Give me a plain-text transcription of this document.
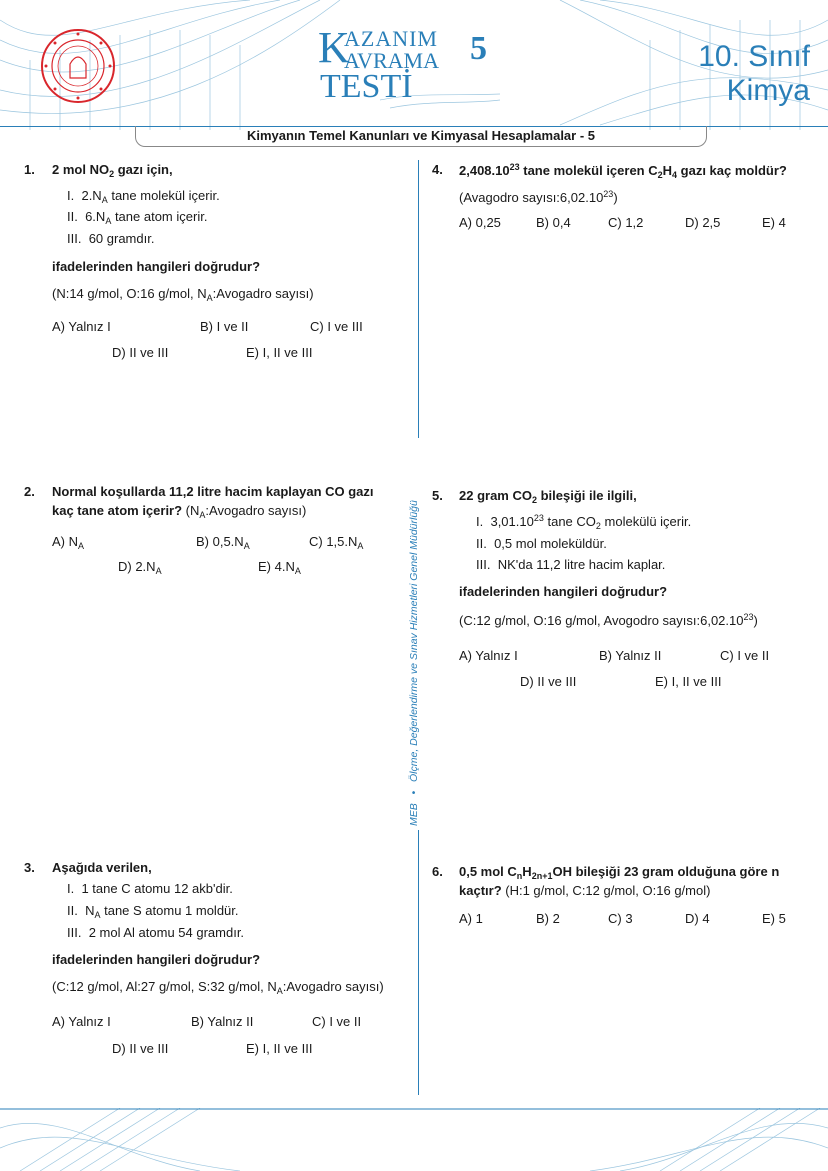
K
AZANIM
AVRAMA
TESTİ
5	10. Sınıf
Kimya
Kimyanın Temel Kanunları ve Kimyasal Hesaplamalar - 5
MEB   •   Ölçme, Değerlendirme ve Sınav Hizmetleri Genel Müdürlüğü
1. 2 mol $NO_2$ gazı için,
I. $2.N_A$ tane molekül içerir.
II. $6.N_A$ tane atom içerir.
III. 60 gramdır.
ifadelerinden hangileri doğrudur?
(N:14 g/mol, O:16 g/mol, $N_A:Avogadro$ sayısı)
A) Yalnız I	B) I ve II	C) I ve III
D) II ve III	E) I, II ve III
2. Normal koşullarda 11,2 litre hacim kaplayan CO gazı
kaç tane atom içerir? ($N_A:Avogadro$ sayısı)
A) $N_A$	B) $0,5.N_A$	C) $1,5.N_A$
D) $2.N_A$	E) $4.N_A$
3. Aşağıda verilen,
I. 1 tane C atomu 12 akb'dir.
II. $N_A$ tane S atomu 1 moldür.
III. 2 mol Al atomu 54 gramdır.
ifadelerinden hangileri doğrudur?
(C:12 g/mol, Al:27 g/mol, S:32 g/mol, $N_A:Avogadro$ sayısı)
A) Yalnız I	B) Yalnız II	C) I ve II
D) II ve III	E) I, II ve III
4. 2,408.10$^{23}$ tane molekül içeren $C_2H_4$ gazı kaç moldür?
(Avagodro sayısı:6,02.10$^{23}$)
A) 0,25	B) 0,4	C) 1,2	D) 2,5	E) 4
5. 22 gram $CO_2$ bileşiği ile ilgili,
I. 3,01.10$^{23}$ tane $CO_2$ molekülü içerir.
II. 0,5 mol moleküldür.
III. NK'da 11,2 litre hacim kaplar.
ifadelerinden hangileri doğrudur?
(C:12 g/mol, O:16 g/mol, Avogodro sayısı:6,02.10$^{23}$)
A) Yalnız I	B) Yalnız II	C) I ve II
D) II ve III	E) I, II ve III
6. 0,5 mol $C_nH_{2n+1}OH$ bileşiği 23 gram olduğuna göre n
kaçtır? (H:1 g/mol, C:12 g/mol, O:16 g/mol)
A) 1	B) 2	C) 3	D) 4	E) 5
